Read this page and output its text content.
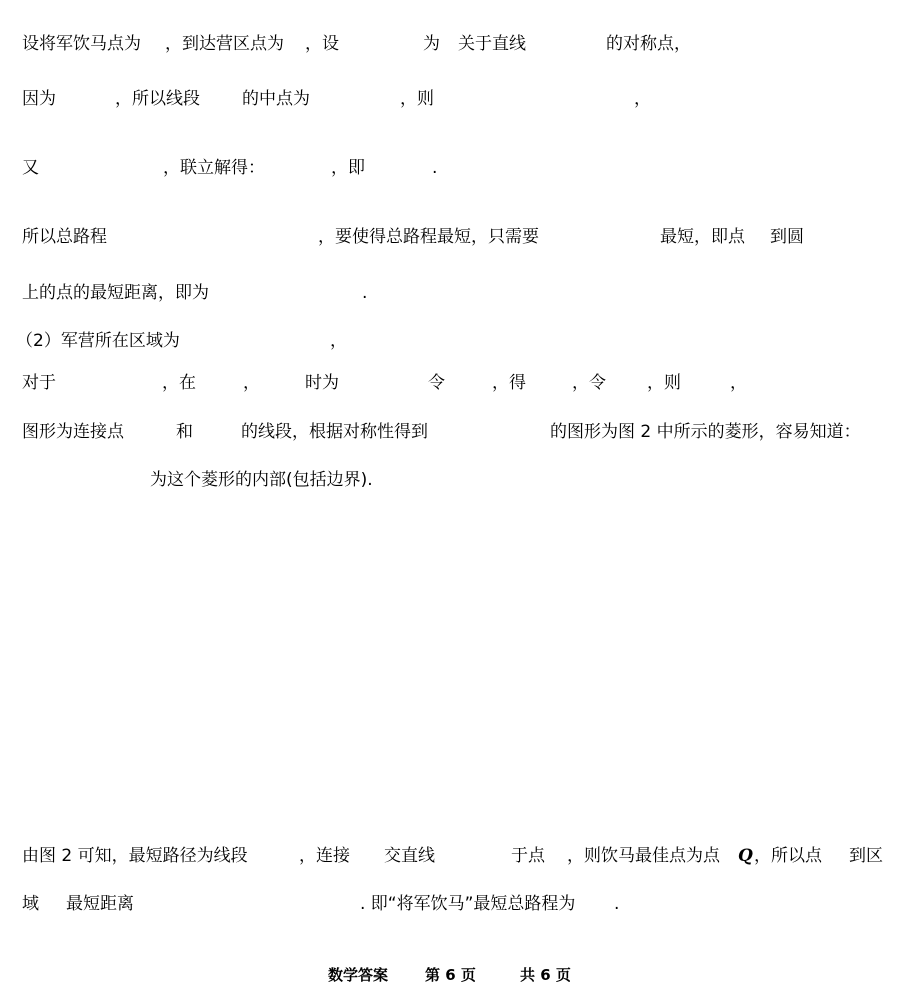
设将军饮马点为 ，到达营区点为 ，设	为 关于直线	的对称点，
因为	，所以线段 的中点为	，则	，
又	，联立解得：	，即	.
所以总路程	，要使得总路程最短，只需要	最短，即点 到圆
上的点的最短距离，即为	.
（2）军营所在区域为	，
对于	，在	，	时为	令	，得	，令 ，则	，
图形为连接点	和	的线段，根据对称性得到	的图形为图 2 中所示的菱形，容易知道：
为这个菱形的内部(包括边界).
由图 2 可知，最短路径为线段	，连接 交直线	于点 ，则饮马最佳点为点 Q ，所以点 到区
域 最短距离	. 即“将军饮马”最短总路程为 .
数学答案 第 6 页	共 6 页
